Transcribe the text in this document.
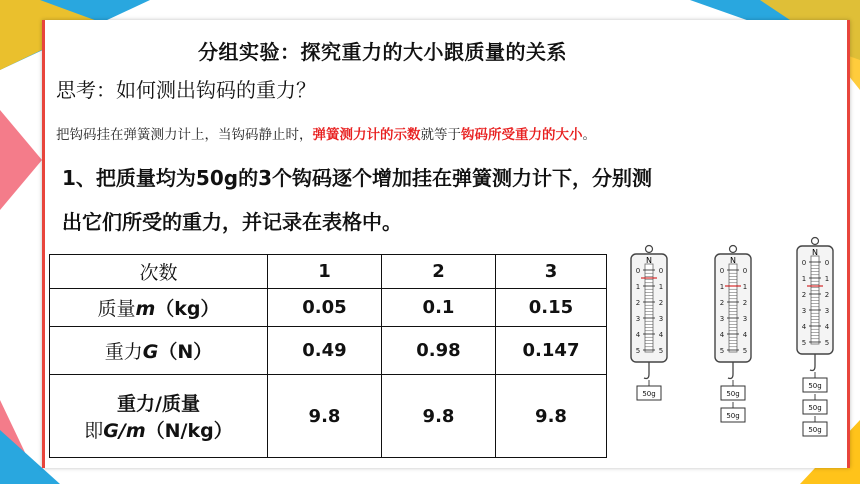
分组实验：探究重力的大小跟质量的关系
思考：如何测出钩码的重力？
把钩码挂在弹簧测力计上，当钩码静止时，弹簧测力计的示数就等于钩码所受重力的大小。
1、把质量均为50g的3个钩码逐个增加挂在弹簧测力计下，分别测
出它们所受的重力，并记录在表格中。
次数	1	2	3
质量m（kg）	0.05	0.1	0.15
重力G（N）	0.49	0.98	0.147

重力/质量
即G/m（N/kg）	9.8	9.8	9.8
N
0	0
1	1
2	2
3	3
4	4
5	5
50g
N
0	0
1	1
2	2
3	3
4	4
5	5
50g
50g
N
0	0
1	1
2	2
3	3
4	4
5	5
50g
50g
50g
